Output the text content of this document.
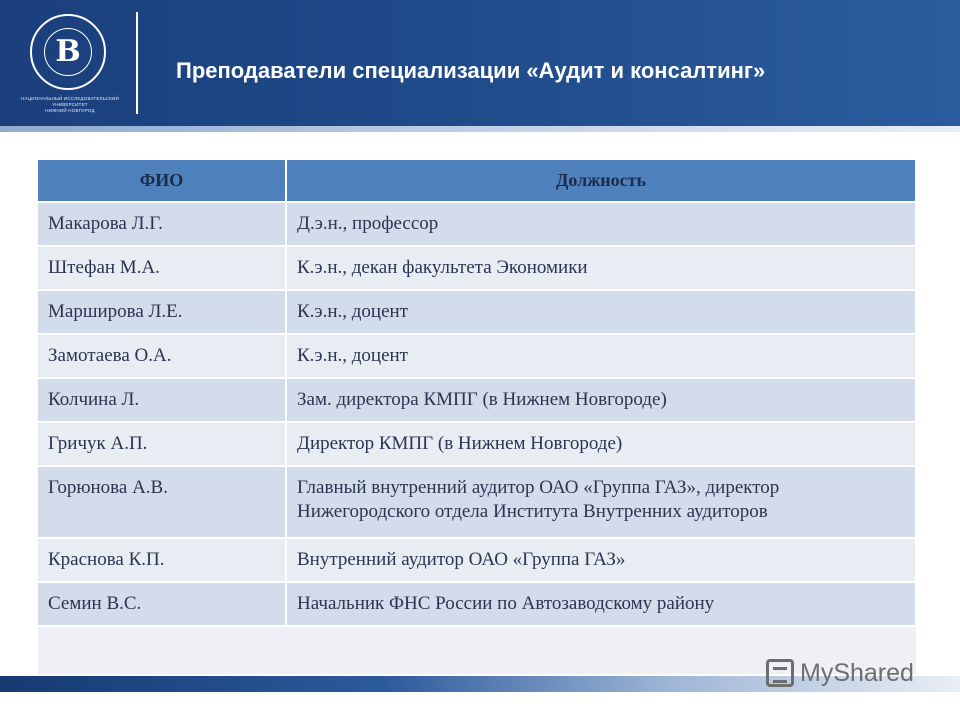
В
НАЦИОНАЛЬНЫЙ ИССЛЕДОВАТЕЛЬСКИЙ
УНИВЕРСИТЕТ
НИЖНИЙ НОВГОРОД
Преподаватели специализации «Аудит и консалтинг»
ФИО	Должность
Макарова Л.Г.	Д.э.н., профессор
Штефан М.А.	К.э.н., декан факультета Экономики
Марширова Л.Е.	К.э.н., доцент
Замотаева О.А.	К.э.н., доцент
Колчина Л.	Зам. директора КМПГ (в Нижнем Новгороде)
Гричук А.П.	Директор КМПГ (в Нижнем Новгороде)
Горюнова А.В.	Главный внутренний аудитор ОАО «Группа ГАЗ», директор Нижегородского отдела Института Внутренних аудиторов
Краснова К.П.	Внутренний аудитор ОАО «Группа ГАЗ»
Семин В.С.	Начальник ФНС России по Автозаводскому району
MyShared
